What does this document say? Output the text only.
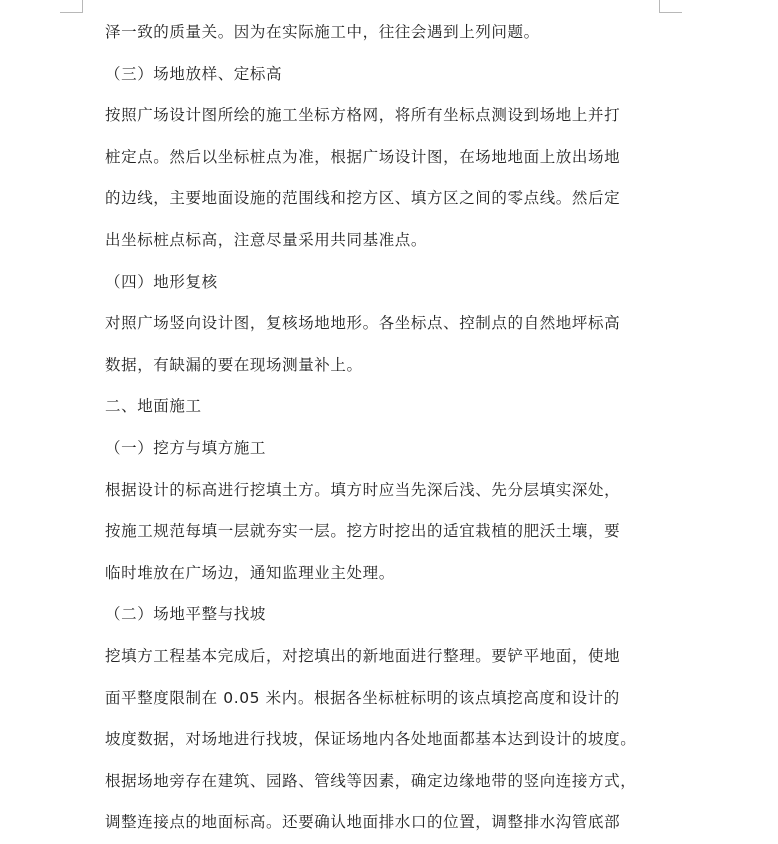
泽一致的质量关。因为在实际施工中，往往会遇到上列问题。
（三）场地放样、定标高
按照广场设计图所绘的施工坐标方格网，将所有坐标点测设到场地上并打
桩定点。然后以坐标桩点为准，根据广场设计图，在场地地面上放出场地
的边线，主要地面设施的范围线和挖方区、填方区之间的零点线。然后定
出坐标桩点标高，注意尽量采用共同基准点。
（四）地形复核
对照广场竖向设计图，复核场地地形。各坐标点、控制点的自然地坪标高
数据，有缺漏的要在现场测量补上。
二、地面施工
（一）挖方与填方施工
根据设计的标高进行挖填土方。填方时应当先深后浅、先分层填实深处，
按施工规范每填一层就夯实一层。挖方时挖出的适宜栽植的肥沃土壤，要
临时堆放在广场边，通知监理业主处理。
（二）场地平整与找坡
挖填方工程基本完成后，对挖填出的新地面进行整理。要铲平地面，使地
面平整度限制在 0.05 米内。根据各坐标桩标明的该点填挖高度和设计的
坡度数据，对场地进行找坡，保证场地内各处地面都基本达到设计的坡度。
根据场地旁存在建筑、园路、管线等因素，确定边缘地带的竖向连接方式，
调整连接点的地面标高。还要确认地面排水口的位置，调整排水沟管底部
